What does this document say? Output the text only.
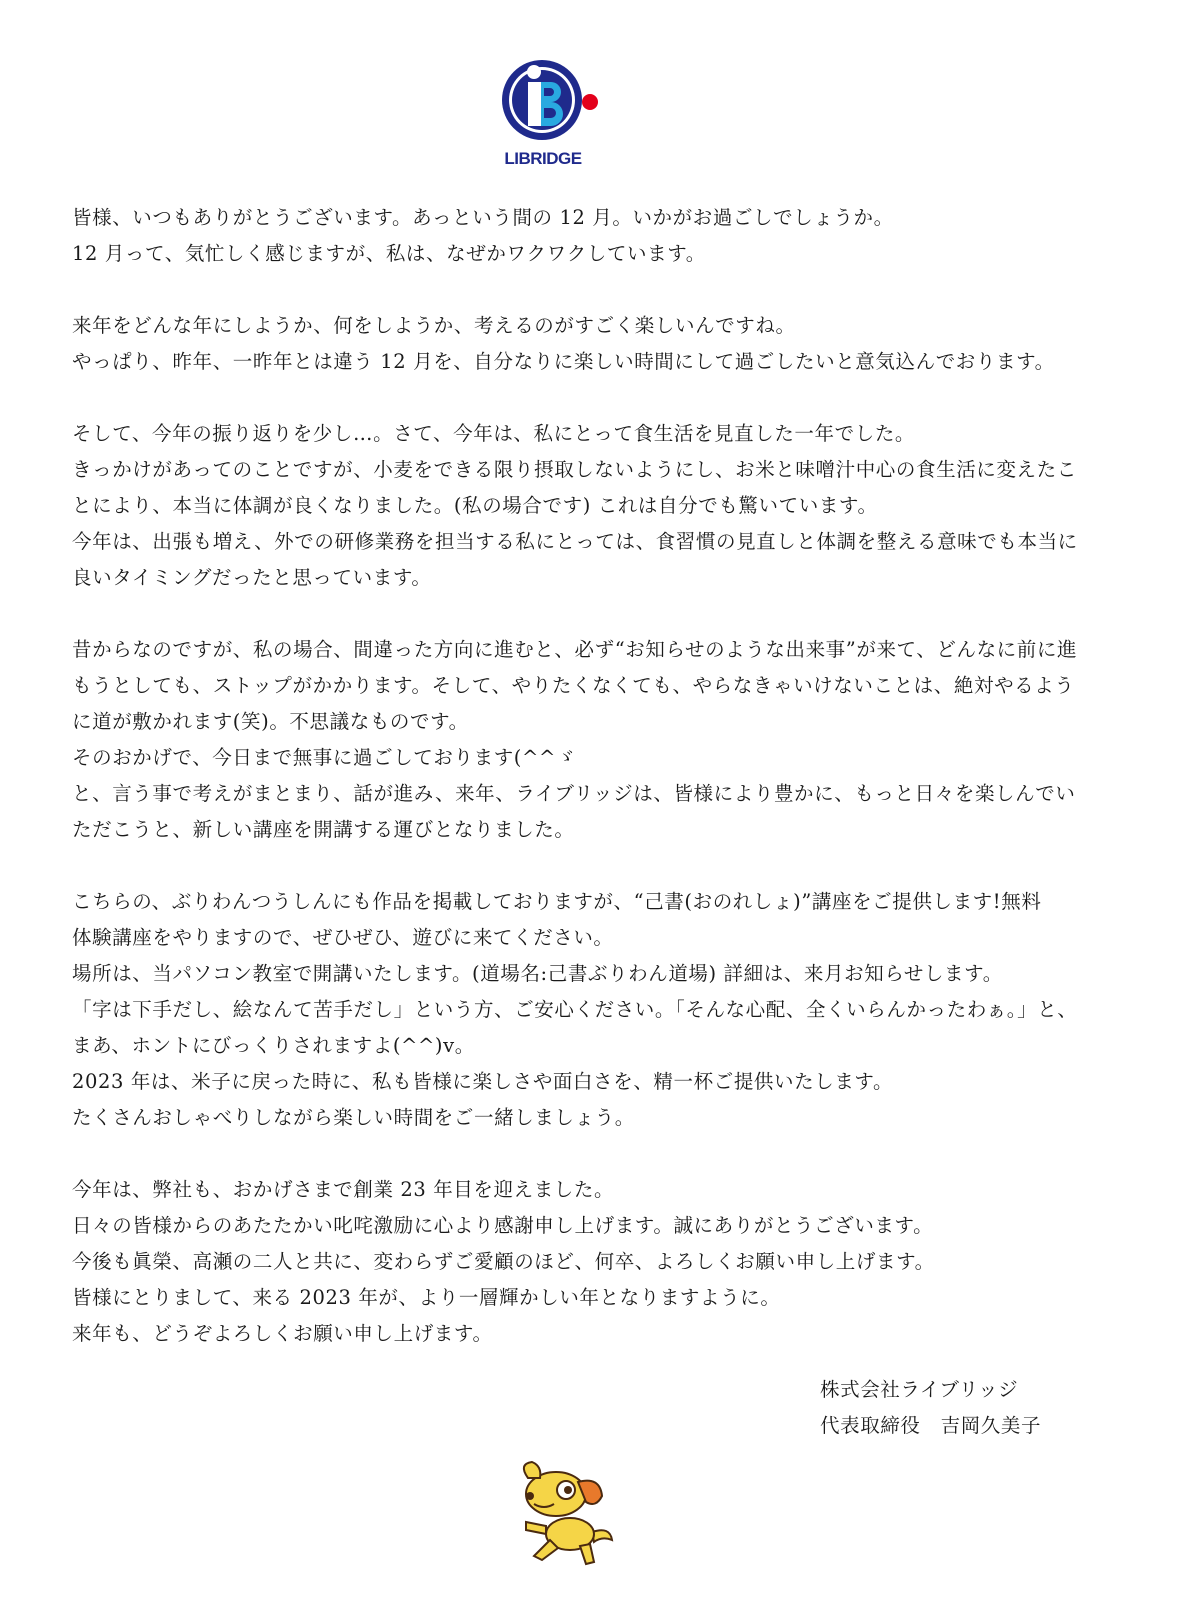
LIBRIDGE
皆様、いつもありがとうございます。あっという間の 12 月。いかがお過ごしでしょうか。
12 月って、気忙しく感じますが、私は、なぜかワクワクしています。
来年をどんな年にしようか、何をしようか、考えるのがすごく楽しいんですね。
やっぱり、昨年、一昨年とは違う 12 月を、自分なりに楽しい時間にして過ごしたいと意気込んでおります。
そして、今年の振り返りを少し…。さて、今年は、私にとって食生活を見直した一年でした。
きっかけがあってのことですが、小麦をできる限り摂取しないようにし、お米と味噌汁中心の食生活に変えたこ
とにより、本当に体調が良くなりました。(私の場合です) これは自分でも驚いています。
今年は、出張も増え、外での研修業務を担当する私にとっては、食習慣の見直しと体調を整える意味でも本当に
良いタイミングだったと思っています。
昔からなのですが、私の場合、間違った方向に進むと、必ず“お知らせのような出来事”が来て、どんなに前に進
もうとしても、ストップがかかります。そして、やりたくなくても、やらなきゃいけないことは、絶対やるよう
に道が敷かれます(笑)。不思議なものです。
そのおかげで、今日まで無事に過ごしております(^^ゞ
と、言う事で考えがまとまり、話が進み、来年、ライブリッジは、皆様により豊かに、もっと日々を楽しんでい
ただこうと、新しい講座を開講する運びとなりました。
こちらの、ぶりわんつうしんにも作品を掲載しておりますが、“己書(おのれしょ)”講座をご提供します!無料
体験講座をやりますので、ぜひぜひ、遊びに来てください。
場所は、当パソコン教室で開講いたします。(道場名:己書ぶりわん道場) 詳細は、来月お知らせします。
「字は下手だし、絵なんて苦手だし」という方、ご安心ください。「そんな心配、全くいらんかったわぁ。」と、
まあ、ホントにびっくりされますよ(^^)v。
2023 年は、米子に戻った時に、私も皆様に楽しさや面白さを、精一杯ご提供いたします。
たくさんおしゃべりしながら楽しい時間をご一緒しましょう。
今年は、弊社も、おかげさまで創業 23 年目を迎えました。
日々の皆様からのあたたかい叱咤激励に心より感謝申し上げます。誠にありがとうございます。
今後も眞榮、高瀬の二人と共に、変わらずご愛顧のほど、何卒、よろしくお願い申し上げます。
皆様にとりまして、来る 2023 年が、より一層輝かしい年となりますように。
来年も、どうぞよろしくお願い申し上げます。
株式会社ライブリッジ
代表取締役　吉岡久美子
